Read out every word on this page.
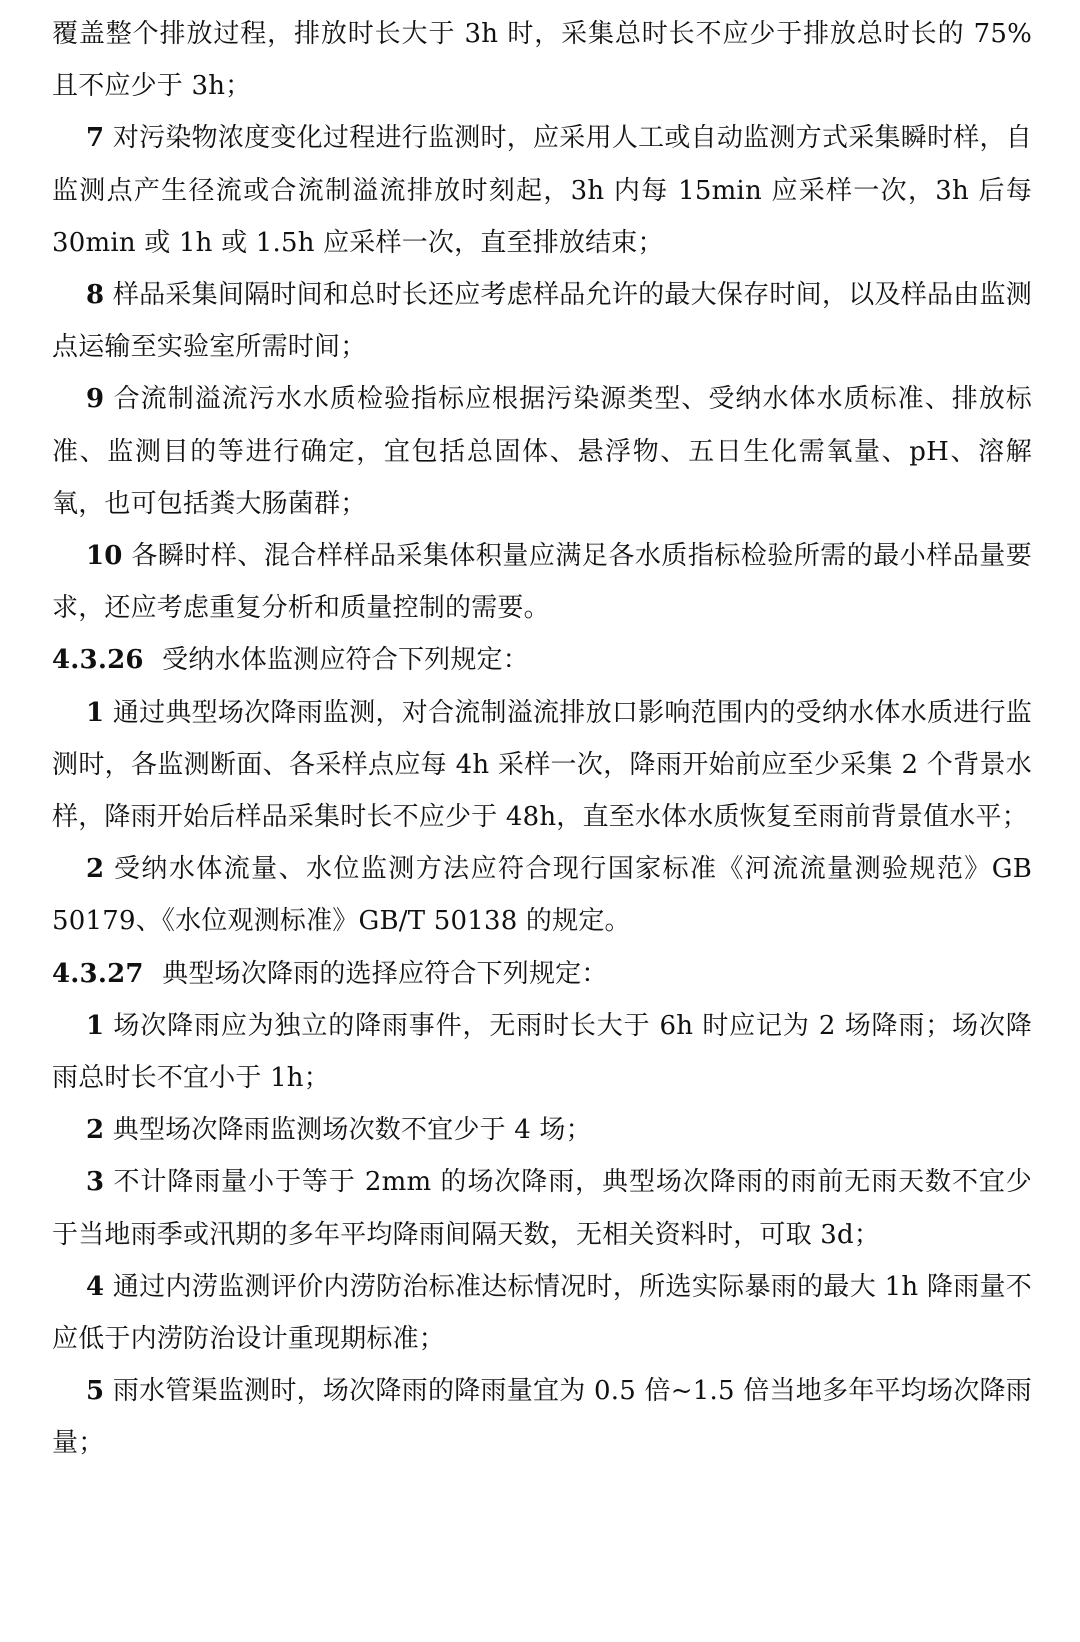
覆盖整个排放过程，排放时长大于 3h 时，采集总时长不应少于排放总时长的 75%且不应少于 3h；

7 对污染物浓度变化过程进行监测时，应采用人工或自动监测方式采集瞬时样，自监测点产生径流或合流制溢流排放时刻起，3h 内每 15min 应采样一次，3h 后每 30min 或 1h 或 1.5h 应采样一次，直至排放结束；

8 样品采集间隔时间和总时长还应考虑样品允许的最大保存时间，以及样品由监测点运输至实验室所需时间；

9 合流制溢流污水水质检验指标应根据污染源类型、受纳水体水质标准、排放标准、监测目的等进行确定，宜包括总固体、悬浮物、五日生化需氧量、pH、溶解氧，也可包括粪大肠菌群；

10 各瞬时样、混合样样品采集体积量应满足各水质指标检验所需的最小样品量要求，还应考虑重复分析和质量控制的需要。

4.3.26 受纳水体监测应符合下列规定：

1 通过典型场次降雨监测，对合流制溢流排放口影响范围内的受纳水体水质进行监测时，各监测断面、各采样点应每 4h 采样一次，降雨开始前应至少采集 2 个背景水样，降雨开始后样品采集时长不应少于 48h，直至水体水质恢复至雨前背景值水平；

2 受纳水体流量、水位监测方法应符合现行国家标准《河流流量测验规范》GB 50179、《水位观测标准》GB/T 50138 的规定。

4.3.27 典型场次降雨的选择应符合下列规定：

1 场次降雨应为独立的降雨事件，无雨时长大于 6h 时应记为 2 场降雨；场次降雨总时长不宜小于 1h；

2 典型场次降雨监测场次数不宜少于 4 场；

3 不计降雨量小于等于 2mm 的场次降雨，典型场次降雨的雨前无雨天数不宜少于当地雨季或汛期的多年平均降雨间隔天数，无相关资料时，可取 3d；

4 通过内涝监测评价内涝防治标准达标情况时，所选实际暴雨的最大 1h 降雨量不应低于内涝防治设计重现期标准；

5 雨水管渠监测时，场次降雨的降雨量宜为 0.5 倍~1.5 倍当地多年平均场次降雨量；
